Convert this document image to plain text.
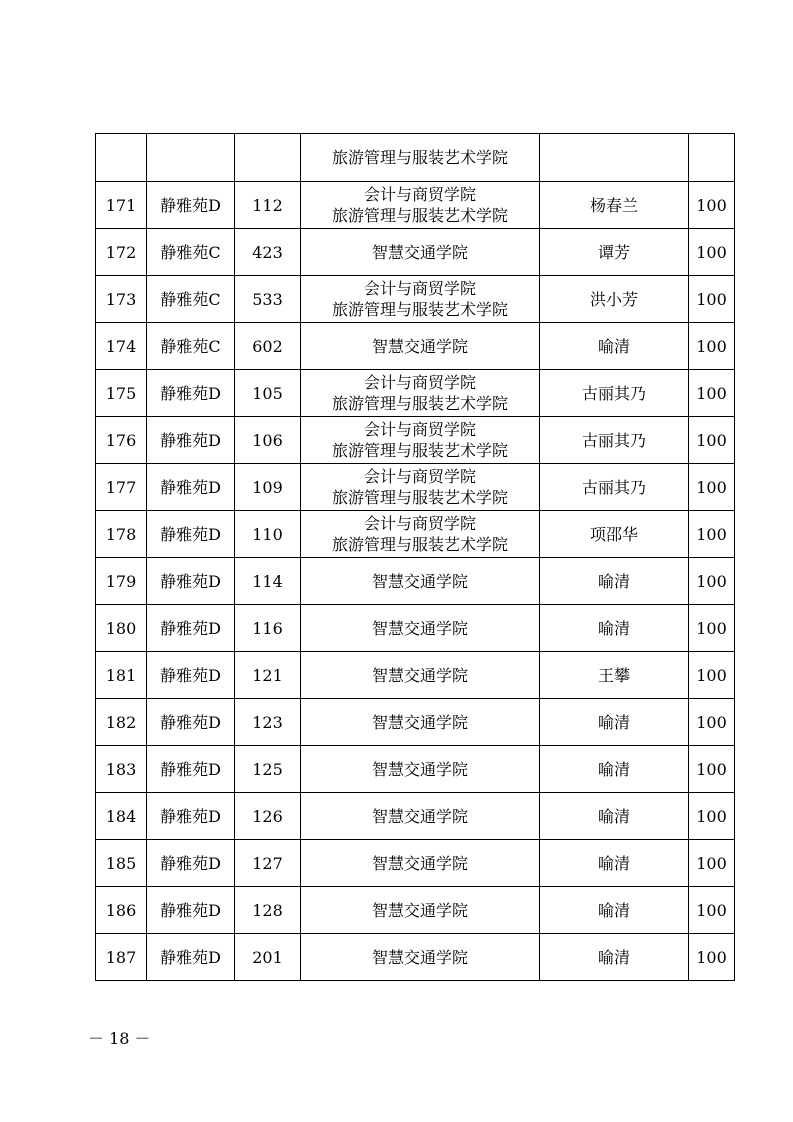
			旅游管理与服装艺术学院		

171	静雅苑D	112	会计与商贸学院
旅游管理与服装艺术学院	杨春兰	100
172	静雅苑C	423	智慧交通学院	谭芳	100
173	静雅苑C	533	会计与商贸学院
旅游管理与服装艺术学院	洪小芳	100
174	静雅苑C	602	智慧交通学院	喻清	100
175	静雅苑D	105	会计与商贸学院
旅游管理与服装艺术学院	古丽其乃	100
176	静雅苑D	106	会计与商贸学院
旅游管理与服装艺术学院	古丽其乃	100
177	静雅苑D	109	会计与商贸学院
旅游管理与服装艺术学院	古丽其乃	100
178	静雅苑D	110	会计与商贸学院
旅游管理与服装艺术学院	项邵华	100
179	静雅苑D	114	智慧交通学院	喻清	100
180	静雅苑D	116	智慧交通学院	喻清	100
181	静雅苑D	121	智慧交通学院	王攀	100
182	静雅苑D	123	智慧交通学院	喻清	100
183	静雅苑D	125	智慧交通学院	喻清	100
184	静雅苑D	126	智慧交通学院	喻清	100
185	静雅苑D	127	智慧交通学院	喻清	100
186	静雅苑D	128	智慧交通学院	喻清	100
187	静雅苑D	201	智慧交通学院	喻清	100
－ 18 －
